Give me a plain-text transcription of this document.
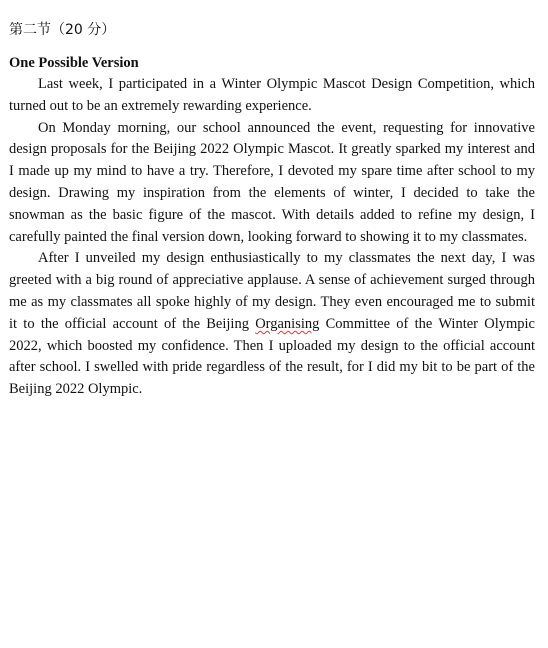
第二节（20 分）
One Possible Version

Last week, I participated in a Winter Olympic Mascot Design Competition, which turned out to be an extremely rewarding experience.

On Monday morning, our school announced the event, requesting for innovative design proposals for the Beijing 2022 Olympic Mascot. It greatly sparked my interest and I made up my mind to have a try. Therefore, I devoted my spare time after school to my design. Drawing my inspiration from the elements of winter, I decided to take the snowman as the basic figure of the mascot. With details added to refine my design, I carefully painted the final version down, looking forward to showing it to my classmates.

After I unveiled my design enthusiastically to my classmates the next day, I was greeted with a big round of appreciative applause. A sense of achievement surged through me as my classmates all spoke highly of my design. They even encouraged me to submit it to the official account of the Beijing Organising Committee of the Winter Olympic 2022, which boosted my confidence. Then I uploaded my design to the official account after school. I swelled with pride regardless of the result, for I did my bit to be part of the Beijing 2022 Olympic.
